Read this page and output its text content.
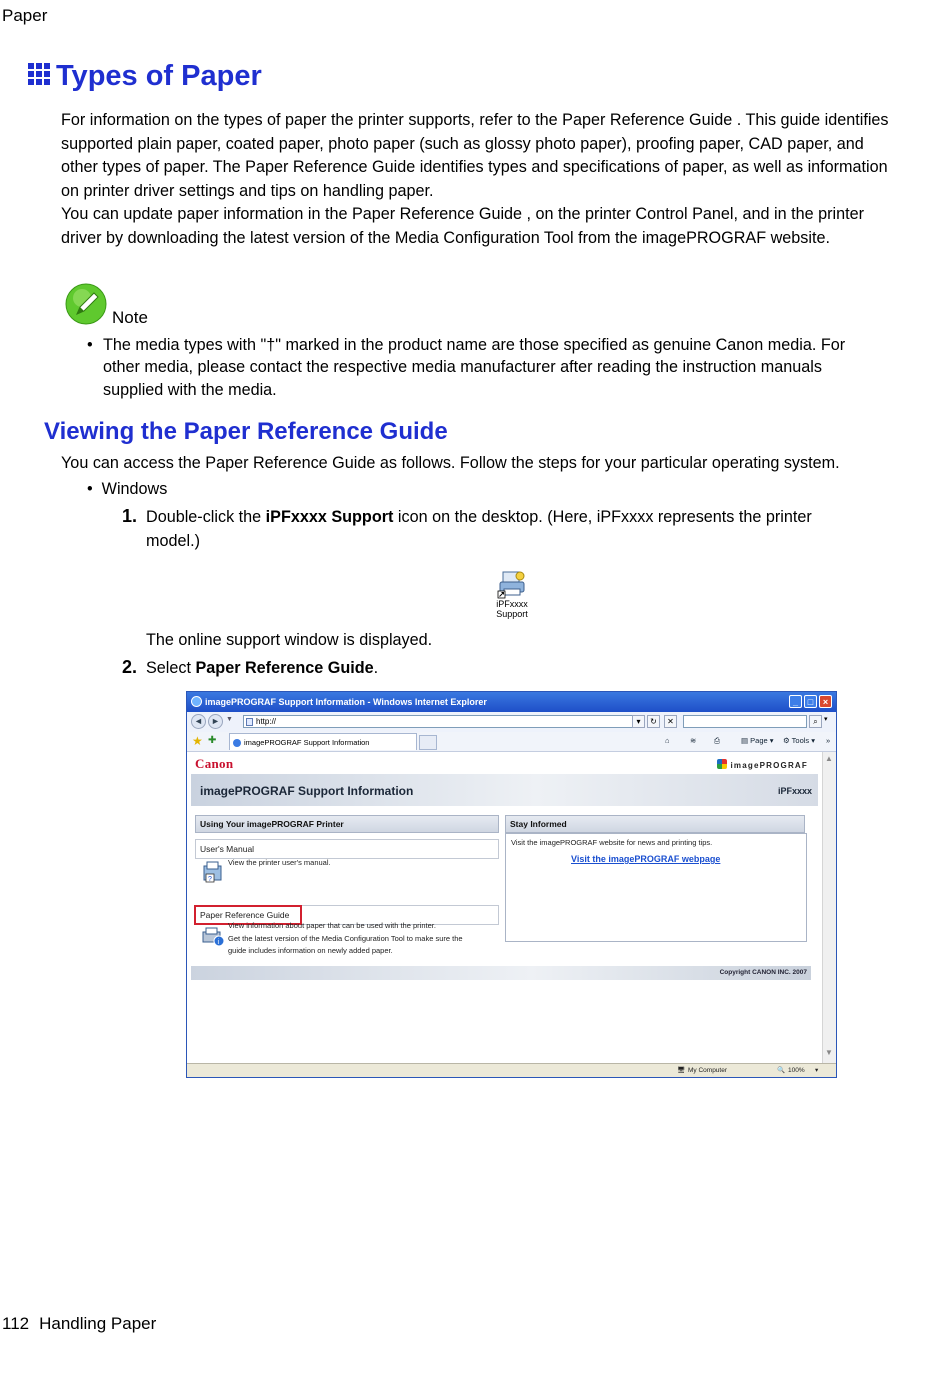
Paper
Types of Paper
For information on the types of paper the printer supports, refer to the Paper Reference Guide . This guide identifies supported plain paper, coated paper, photo paper (such as glossy photo paper), proofing paper, CAD paper, and other types of paper. The Paper Reference Guide identifies types and specifications of paper, as well as information on printer driver settings and tips on handling paper.
You can update paper information in the Paper Reference Guide , on the printer Control Panel, and in the printer driver by downloading the latest version of the Media Configuration Tool from the imagePROGRAF website.
Note
• The media types with "†" marked in the product name are those specified as genuine Canon media. For other media, please contact the respective media manufacturer after reading the instruction manuals supplied with the media.
Viewing the Paper Reference Guide
You can access the Paper Reference Guide as follows. Follow the steps for your particular operating system.
•  Windows
1. Double-click the iPFxxxx Support icon on the desktop. (Here, iPFxxxx represents the printer model.)
iPFxxxx
Support
The online support window is displayed.
2. Select Paper Reference Guide.
imagePROGRAF Support Information - Windows Internet Explorer	_	□	×
◄ ► ▼	http://	▾	↻	✕	⌕ ▾
★ ✚	imagePROGRAF Support Information	⌂	≋ ⎙	▤ Page ▾ ⚙ Tools ▾ »
Canon	imagePROGRAF
imagePROGRAF Support Information	iPFxxxx
Using Your imagePROGRAF Printer
User's Manual
?
View the printer user's manual.
Paper Reference Guide
i
View information about paper that can be used with the printer.
Get the latest version of the Media Configuration Tool to make sure the
guide includes information on newly added paper.
Stay Informed
Visit the imagePROGRAF website for news and printing tips.
Visit the imagePROGRAF webpage
Copyright CANON INC. 2007
▲
▼
🖥 My Computer	🔍 100% ▾
112 Handling Paper
